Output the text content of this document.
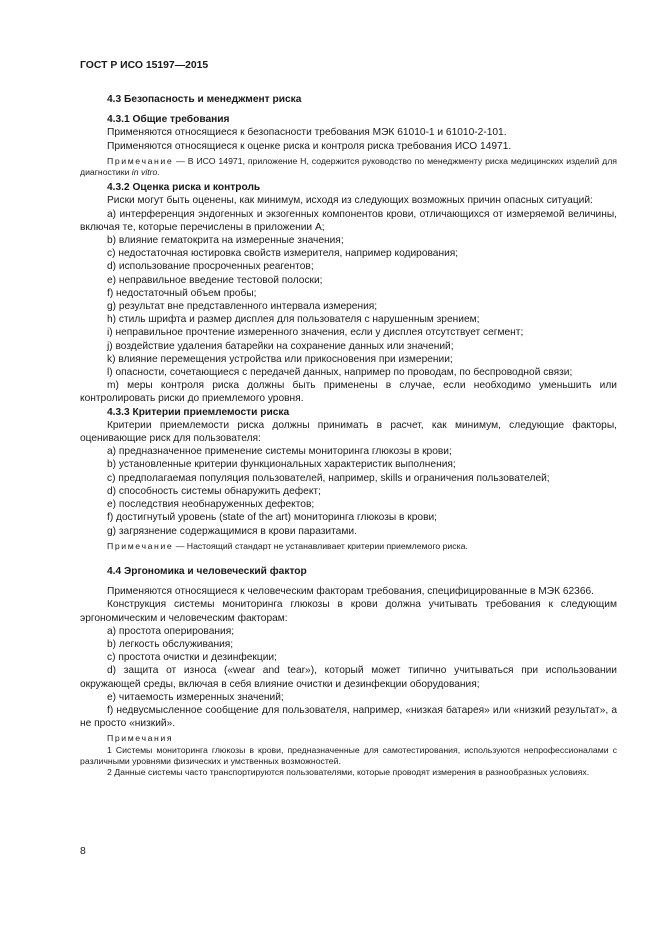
ГОСТ Р ИСО 15197—2015

4.3 Безопасность и менеджмент риска

4.3.1 Общие требования

Применяются относящиеся к безопасности требования МЭК 61010-1 и 61010-2-101.

Применяются относящиеся к оценке риска и контроля риска требования ИСО 14971.

Примечание — В ИСО 14971, приложение Н, содержится руководство по менеджменту риска медицинских изделий для диагностики in vitro.

4.3.2 Оценка риска и контроль

Риски могут быть оценены, как минимум, исходя из следующих возможных причин опасных ситуаций:

a) интерференция эндогенных и экзогенных компонентов крови, отличающихся от измеряемой величины, включая те, которые перечислены в приложении А;

b) влияние гематокрита на измеренные значения;

c) недостаточная юстировка свойств измерителя, например кодирования;

d) использование просроченных реагентов;

e) неправильное введение тестовой полоски;

f) недостаточный объем пробы;

g) результат вне представленного интервала измерения;

h) стиль шрифта и размер дисплея для пользователя с нарушенным зрением;

i) неправильное прочтение измеренного значения, если у дисплея отсутствует сегмент;

j) воздействие удаления батарейки на сохранение данных или значений;

k) влияние перемещения устройства или прикосновения при измерении;

l) опасности, сочетающиеся с передачей данных, например по проводам, по беспроводной связи;

m) меры контроля риска должны быть применены в случае, если необходимо уменьшить или контролировать риски до приемлемого уровня.

4.3.3 Критерии приемлемости риска

Критерии приемлемости риска должны принимать в расчет, как минимум, следующие факторы, оценивающие риск для пользователя:

a) предназначенное применение системы мониторинга глюкозы в крови;

b) установленные критерии функциональных характеристик выполнения;

c) предполагаемая популяция пользователей, например, skills и ограничения пользователей;

d) способность системы обнаружить дефект;

e) последствия необнаруженных дефектов;

f) достигнутый уровень (state of the art) мониторинга глюкозы в крови;

g) загрязнение содержащимися в крови паразитами.

Примечание — Настоящий стандарт не устанавливает критерии приемлемого риска.

4.4 Эргономика и человеческий фактор

Применяются относящиеся к человеческим факторам требования, специфицированные в МЭК 62366.

Конструкция системы мониторинга глюкозы в крови должна учитывать требования к следующим эргономическим и человеческим факторам:

a) простота оперирования;

b) легкость обслуживания;

c) простота очистки и дезинфекции;

d) защита от износа («wear and tear»), который может типично учитываться при использовании окружающей среды, включая в себя влияние очистки и дезинфекции оборудования;

e) читаемость измеренных значений;

f) недвусмысленное сообщение для пользователя, например, «низкая батарея» или «низкий результат», а не просто «низкий».

Примечания

1 Системы мониторинга глюкозы в крови, предназначенные для самотестирования, используются непрофессионалами с различными уровнями физических и умственных возможностей.

2 Данные системы часто транспортируются пользователями, которые проводят измерения в разнообразных условиях.

8
